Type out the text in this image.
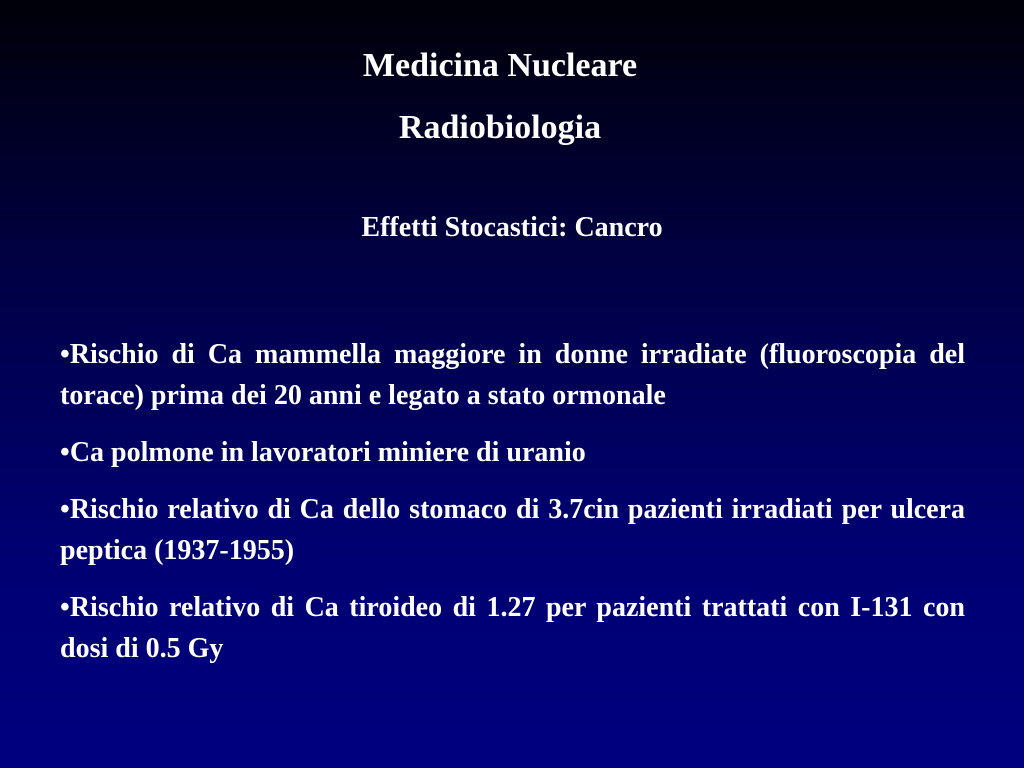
Medicina Nucleare
Radiobiologia
Effetti Stocastici: Cancro
•Rischio di Ca mammella maggiore in donne irradiate (fluoroscopia del torace) prima dei 20 anni e legato a stato ormonale
•Ca polmone in lavoratori miniere di uranio
•Rischio relativo di Ca dello stomaco di 3.7cin pazienti irradiati per ulcera peptica (1937-1955)
•Rischio relativo di Ca tiroideo di 1.27 per pazienti trattati con I-131 con dosi di 0.5 Gy
